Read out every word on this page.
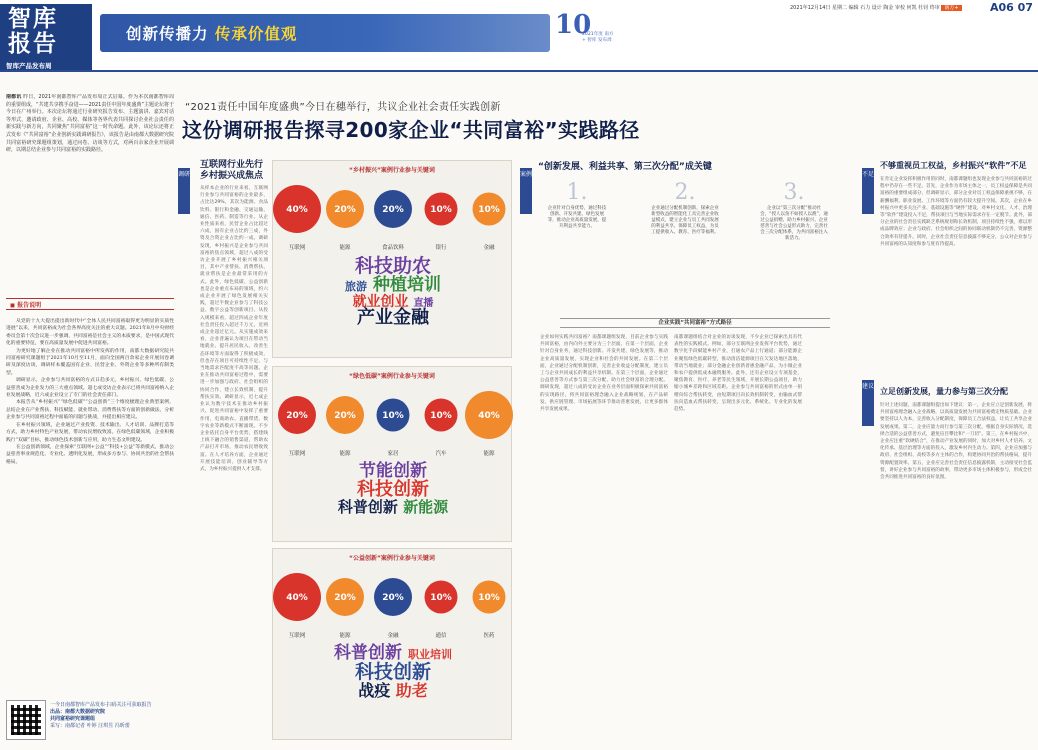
智库
报告
智库产品发布周
创新传播力 传承价值观	10
2021年度 南方+ 智库 发布周
2021年12月14日 星期二 编辑 石力 设计 陶金 审校 何凯 杜钊 终审 南方+	A06 07
南都讯 昨日，2021年南都智库产品发布周正式启幕。作为本次南都智库周的重要组成，“共建共享携手奋进——2021责任中国年度盛典”主题论坛将于今日在广州举行。本次论坛将通过行业研究报告发布、主题演讲、嘉宾对话等形式，邀请政府、企业、高校、媒体等各界代表共同探讨企业社会责任的新实践与新方向，共同聚焦“共同富裕”这一时代命题。此外，该论坛还将正式发布《“共同富裕”企业创新实践调研报告》，该报告是由南都大数据研究院共同富裕研究课题组策划，通过问卷、访谈等方式，对两百余家企业开展调研，以期总结企业参与共同富裕的实践路径。
◼ 报告说明
从党的十九大提出提出新时代中“全体人民共同富裕取得更为明显的实质性进展”以来，共同富裕成为社会各界高度关注的重大议题。2021年8月中央财经委员会第十次会议进一步强调，共同富裕是社会主义的本质要求，是中国式现代化的重要特征，要在高质量发展中促进共同富裕。
为更好地了解企业在推动共同富裕中所发挥的作用，南都大数据研究院共同富裕研究课题组于2021年10月至11月，面向全国两百余家企业开展问卷调研及深度访谈，调研样本覆盖国有企业、民营企业、外资企业等多种所有制类型。
调研显示，企业参与共同富裕的方式日趋多元，乡村振兴、绿色低碳、公益慈善成为企业发力的三大重点领域。超七成受访企业表示已将共同富裕纳入企业发展战略，近六成企业设立了专门的社会责任部门。
本报告从“乡村振兴”“绿色低碳”“公益创新”三个维度梳理企业典型案例，总结企业在产业帮扶、科技赋能、就业带动、消费帮扶等方面的创新做法，分析企业参与共同富裕过程中面临的问题与挑战，并提出相应建议。
在乡村振兴领域，企业通过产业投资、技术输出、人才培训、品牌打造等方式，助力乡村特色产业发展，带动农民增收致富。在绿色低碳领域，企业积极践行“双碳”目标，推动绿色技术创新与应用，助力生态文明建设。
在公益创新领域，企业探索“互联网+公益”“科技+公益”等新模式，推动公益慈善事业规范化、专业化、透明化发展，形成多方参与、协同共治的社会帮扶格局。
一今日南都智库产品发布·扫码关注可获取报告
出品：南都大数据研究院
共同富裕研究课题组
采写：南都记者 叶婷 汪琪昱 冯昕蕾
“2021责任中国年度盛典”今日在穗举行，共议企业社会责任实践创新
这份调研报告探寻200家企业“共同富裕”实践路径
调研	案例	不足
建议
互联网行业先行
乡村振兴成焦点
从样本企业的行业来看，互联网行业参与共同富裕的企业最多，占比达29%，其次为能源、食品饮料、银行和金融、交通运输、通信、医药、制造等行业。从企业性质来看，民营企业占比超过六成，国有企业占比约三成，外资及合资企业占比约一成。调研发现，乡村振兴是企业参与共同富裕的焦点领域，超过八成的受访企业开展了乡村振兴相关项目，其中产业帮扶、消费帮扶、就业帮扶是企业最常采用的方式。此外，绿色低碳、公益创新也是企业重点布局的领域，约六成企业开展了绿色发展相关实践，超过半数企业参与了科技公益、数字公益等创新项目。从投入规模来看，超过四成企业年度社会责任投入超过千万元，近两成企业超过亿元。从实施成效来看，企业普遍认为项目在带动当地就业、提升居民收入、改善生态环境等方面取得了积极成效，但也存在项目可持续性不足、与当地需求匹配度不高等问题。企业在推动共同富裕过程中，需要进一步加强与政府、社会组织的协同合作，建立长效机制，提升帮扶实效。调研显示，近七成企业认为数字技术在推动乡村振兴、促进共同富裕中发挥了重要作用，电商助农、直播带货、数字农业等新模式不断涌现。不少企业依托自身平台优势，搭建线上线下融合的销售渠道，帮助农产品打开市场，推动农民增收致富。在人才培养方面，企业通过开展技能培训、创业辅导等方式，为乡村振兴提供人才支撑。
“乡村振兴”案例行业参与关键词
40%
互联网
20%
能源
20%
食品饮料
10%
银行
10%
金融
科技助农
旅游 种植培训
就业创业 直播
产业金融
“绿色低碳”案例行业参与关键词
20%
互联网
20%
能源
10%
家居
10%
汽车
40%
能源
节能创新
科技创新
科普创新 新能源
“公益创新”案例行业参与关键词
40%
互联网
20%
能源
20%
金融
10%
通信
10%
医药
科普创新 职业培训
科技创新
战疫 助老
“创新发展、利益共享、第三次分配”成关键
1.
企业针对自身优势，通过科技创新、开发共建、绿色发展等，推动企业高质量发展，提升利益共享能力。
2.
企业通过分配机制创新，探索企业新型收益的智能化工具完善企业收益模式，建立企业与员工共同发展的利益共享，保障员工权益，为员工提供收入、教育、医疗等福利。
3.
企业以“第三次分配”推动社会，“授人以鱼不如授人以渔”，通过公益捐赠、助力乡村振兴、企业慈善与社会公益形式助力，完善社会三次分配体系，为共同富裕注入新活力。
企业实践“共同富裕”方式路径
企业如何实践共同富裕？南都课题组发现，目前企业参与实践共同富裕，由内向外主要分为三个层面。在第一个层面，企业针对自身业务，通过科技创新、开发共建、绿色发展等，推动企业高质量发展，实现企业和社会的共同发展。在第二个层面，企业通过分配机制创新，完善企业收益分配制度，建立员工与企业共同成长的利益共享机制。在第三个层面，企业通过公益慈善等方式参与第三次分配，助力社会财富的合理分配。调研发现，超过八成的受访企业在业务层面积极探索共同富裕的实现路径，将共同富裕理念融入企业战略规划，在产品研发、供应链管理、市场拓展等环节推动普惠发展，让更多群体共享发展成果。
南都课题组结合对企业的访谈发现，不少企业已探索出具有代表性的实践模式。例如，部分互联网企业发挥平台优势，通过数字化手段赋能乡村产业，打通农产品上行通道；部分能源企业聚焦绿色低碳转型，推动清洁能源项目在欠发达地区落地，带动当地就业；部分金融企业创新普惠金融产品，为小微企业和农户提供低成本融资服务。此外，还有企业设立专项基金，聚焦教育、医疗、养老等民生领域，开展长期公益项目，助力缩小城乡差距和区域差距。企业参与共同富裕的形式由单一捐赠向综合帮扶转变，由短期项目向长效机制转变，由输血式帮扶向造血式帮扶转变，呈现出多元化、系统化、专业化的发展趋势。
不够重视员工权益，乡村振兴“软件”不足
在肯定企业发挥积极作用的同时，南都课题组也发现企业参与共同富裕的过程中仍存在一些不足。首先，企业作为市场主体之一，员工权益保障是共同富裕的重要组成部分，但调研显示，部分企业对员工权益保障重视不够，在薪酬福利、职业发展、工作环境等方面仍有较大提升空间。其次，企业在乡村振兴中更多关注产业、基础设施等“硬件”建设，对乡村文化、人才、治理等“软件”建设投入不足，帮扶项目与当地实际需求存在一定脱节。此外，部分企业的社会责任实践缺乏系统规划和长效机制，项目持续性不强，难以形成品牌效应；企业与政府、社会组织之间的协同联动机制仍不完善，资源整合效率有待提升。同时，企业社会责任信息披露不够充分，公众对企业参与共同富裕的认知度和参与度有待提高。
立足创新发展，量力参与第三次分配
针对上述问题，南都课题组提出如下建议：第一，企业应立足创新发展，将共同富裕理念融入企业战略，以高质量发展为共同富裕奠定物质基础。企业要坚持以人为本，完善收入分配制度，保障员工合法权益，让员工共享企业发展成果。第二，企业应量力而行参与第三次分配，根据自身实际情况，选择合适的公益慈善方式，避免盲目攀比和“一刀切”。第三，在乡村振兴中，企业应注重“软硬结合”，在推动产业发展的同时，加大对乡村人才培养、文化传承、基层治理等方面的投入，激发乡村内生动力。第四，企业应加强与政府、社会组织、高校等多方主体的合作，构建协同共治的帮扶格局，提升资源配置效率。第五，企业应完善社会责任信息披露机制，主动接受社会监督，讲好企业参与共同富裕的故事，带动更多市场主体积极参与，形成全社会共同推进共同富裕的良好氛围。
